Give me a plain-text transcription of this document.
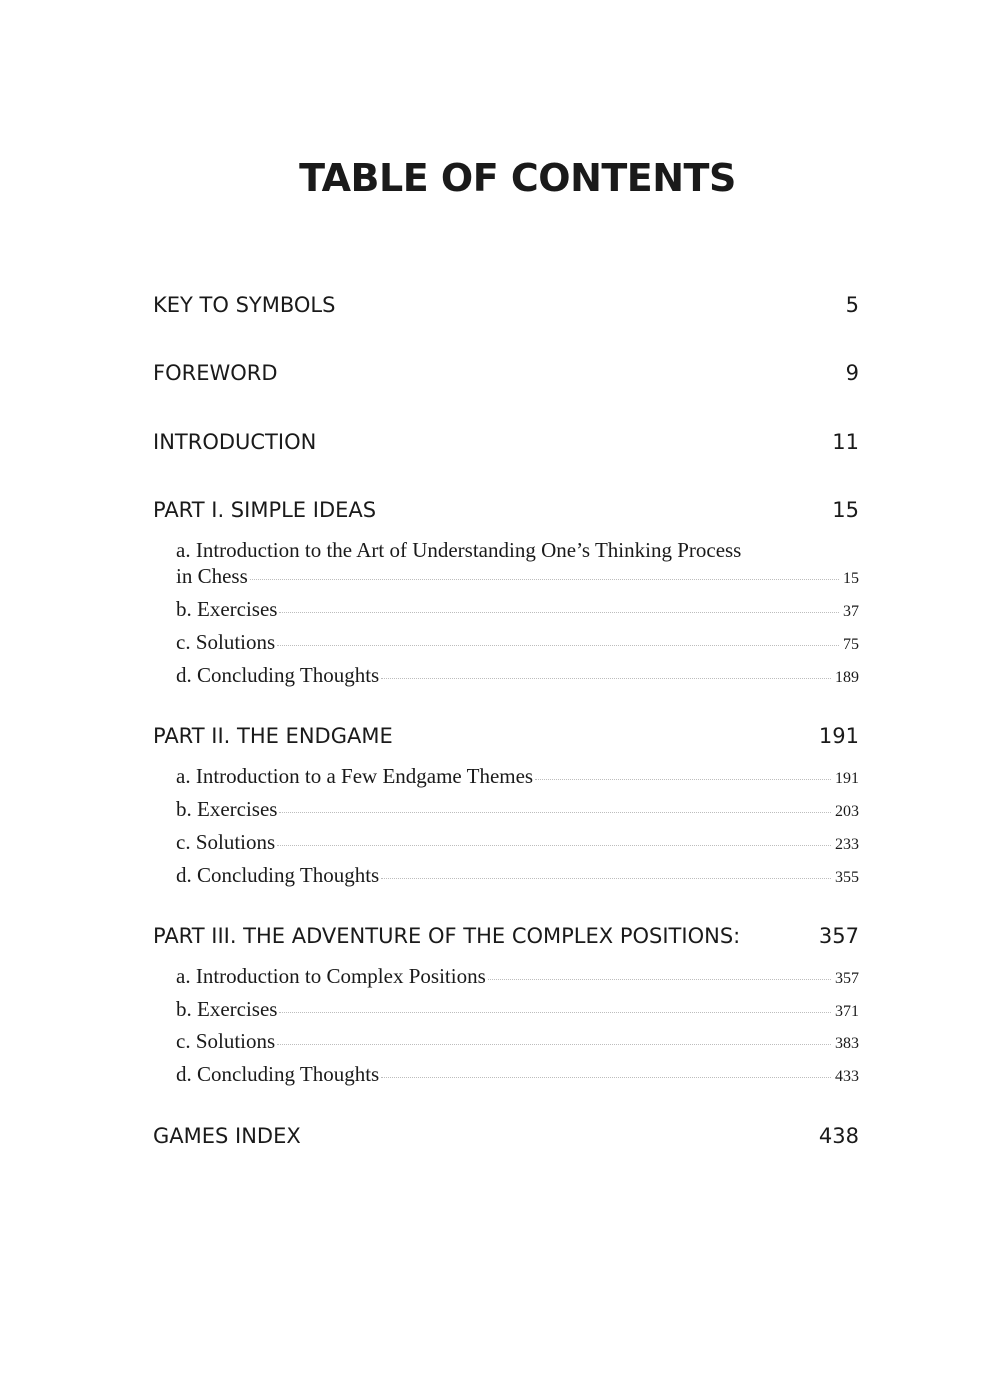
TABLE OF CONTENTS
KEY TO SYMBOLS	5
FOREWORD	9
INTRODUCTION	11
PART I. SIMPLE IDEAS	15
a. Introduction to the Art of Understanding One’s Thinking Process
in Chess	15
b. Exercises	37
c. Solutions	75
d. Concluding Thoughts	189
PART II. THE ENDGAME	191
a. Introduction to a Few Endgame Themes	191
b. Exercises	203
c. Solutions	233
d. Concluding Thoughts	355
PART III. THE ADVENTURE OF THE COMPLEX POSITIONS:	357
a. Introduction to Complex Positions	357
b. Exercises	371
c. Solutions	383
d. Concluding Thoughts	433
GAMES INDEX	438
